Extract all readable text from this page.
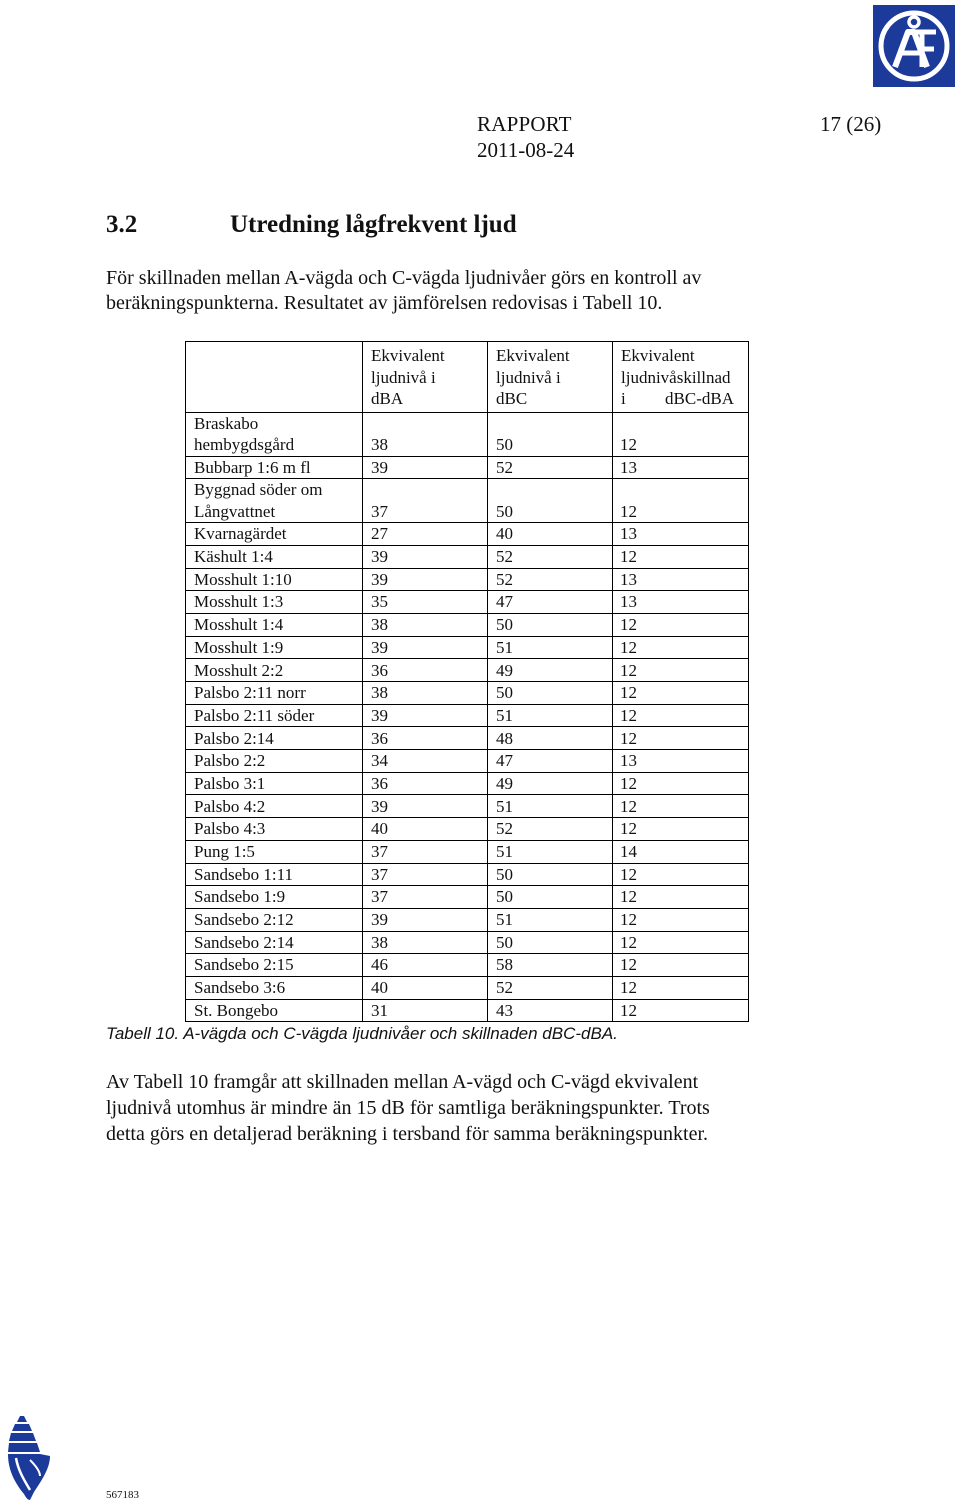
RAPPORT
2011-08-24
17 (26)
3.2	Utredning lågfrekvent ljud

För skillnaden mellan A-vägda och C-vägda ljudnivåer görs en kontroll av

beräkningspunkterna. Resultatet av jämförelsen redovisas i Tabell 10.

	Ekvivalent
ljudnivå i
dBA	Ekvivalent
ljudnivå i
dBC	Ekvivalent
ljudnivåskillnad
i dBC-dBA

Braskabo
hembygdsgård	38	50	12

Bubbarp 1:6 m fl	39	52	13

Byggnad söder om
Långvattnet	37	50	12

Kvarnagärdet	27	40	13

Käshult 1:4	39	52	12

Mosshult 1:10	39	52	13

Mosshult 1:3	35	47	13

Mosshult 1:4	38	50	12

Mosshult 1:9	39	51	12

Mosshult 2:2	36	49	12

Palsbo 2:11 norr	38	50	12

Palsbo 2:11 söder	39	51	12

Palsbo 2:14	36	48	12

Palsbo 2:2	34	47	13

Palsbo 3:1	36	49	12

Palsbo 4:2	39	51	12

Palsbo 4:3	40	52	12

Pung 1:5	37	51	14

Sandsebo 1:11	37	50	12

Sandsebo 1:9	37	50	12

Sandsebo 2:12	39	51	12

Sandsebo 2:14	38	50	12

Sandsebo 2:15	46	58	12

Sandsebo 3:6	40	52	12

St. Bongebo	31	43	12
Tabell 10. A-vägda och C-vägda ljudnivåer och skillnaden dBC-dBA.

Av Tabell 10 framgår att skillnaden mellan A-vägd och C-vägd ekvivalent

ljudnivå utomhus är mindre än 15 dB för samtliga beräkningspunkter. Trots

detta görs en detaljerad beräkning i tersband för samma beräkningspunkter.

567183
